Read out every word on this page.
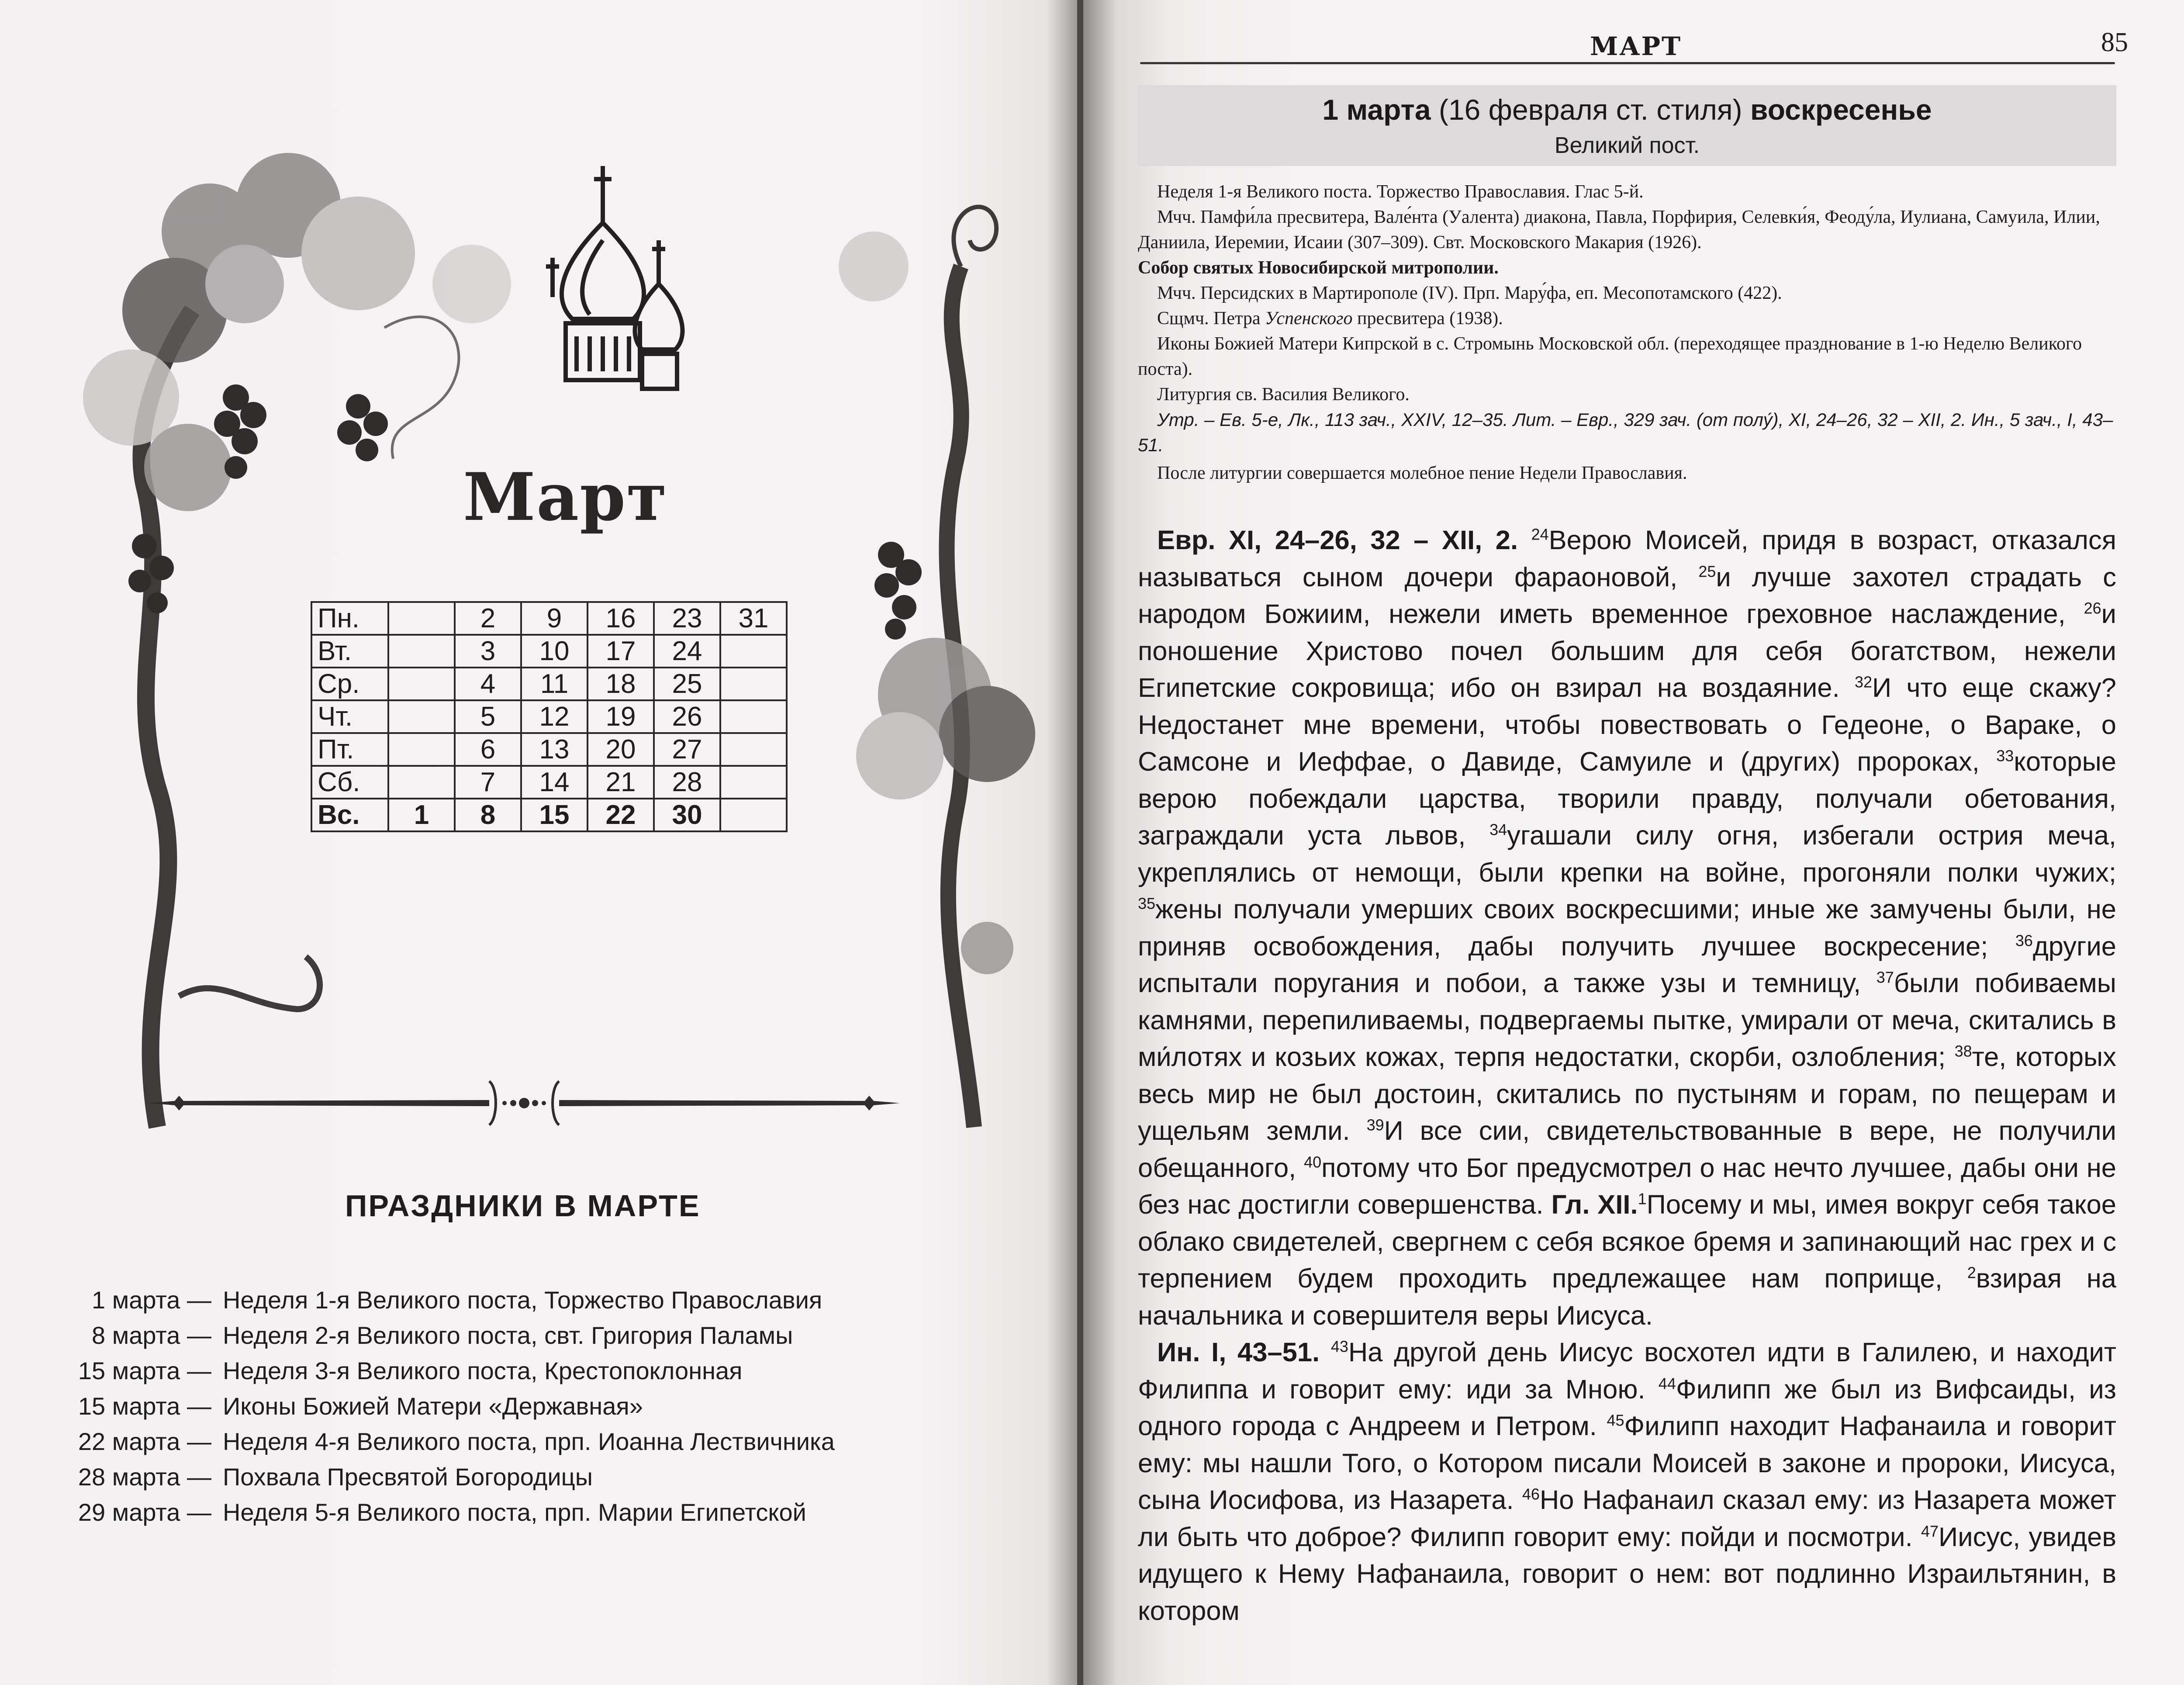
Март
Пн.		2	9	16	23	31
Вт.		3	10	17	24	
Ср.		4	11	18	25	
Чт.		5	12	19	26	
Пт.		6	13	20	27	
Сб.		7	14	21	28	
Вс.	1	8	15	22	30	
ПРАЗДНИКИ В МАРТЕ
1 марта — Неделя 1-я Великого поста, Торжество Православия
8 марта — Неделя 2-я Великого поста, свт. Григория Паламы
15 марта — Неделя 3-я Великого поста, Крестопоклонная
15 марта — Иконы Божией Матери «Державная»
22 марта — Неделя 4-я Великого поста, прп. Иоанна Лествичника
28 марта — Похвала Пресвятой Богородицы
29 марта — Неделя 5-я Великого поста, прп. Марии Египетской
МАРТ	85
1 марта (16 февраля ст. стиля) воскресенье
Великий пост.

Неделя 1-я Великого поста. Торжество Православия. Глас 5-й.

Мчч. Памфи́ла пресвитера, Вале́нта (Уалента) диакона, Павла, Порфирия, Селевки́я, Феоду́ла, Иулиана, Самуила, Илии, Даниила, Иеремии, Исаии (307–309). Свт. Московского Макария (1926).

Собор святых Новосибирской митрополии.

Мчч. Персидских в Мартирополе (IV). Прп. Мару́фа, еп. Месопотамского (422).

Сщмч. Петра Успенского пресвитера (1938).

Иконы Божией Матери Кипрской в с. Стромынь Московской обл. (переходящее празднование в 1-ю Неделю Великого поста).

Литургия св. Василия Великого.

Утр. – Ев. 5-е, Лк., 113 зач., XXIV, 12–35. Лит. – Евр., 329 зач. (от полу́), XI, 24–26, 32 – XII, 2. Ин., 5 зач., I, 43–51.

После литургии совершается молебное пение Недели Православия.

Евр. XI, 24–26, 32 – XII, 2. $^{24}$Верою Моисей, придя в возраст, отказался называться сыном дочери фараоновой, $^{25}$и лучше захотел страдать с народом Божиим, нежели иметь временное греховное наслаждение, $^{26}$и поношение Христово почел большим для себя богатством, нежели Египетские сокровища; ибо он взирал на воздаяние. $^{32}$И что еще скажу? Недостанет мне времени, чтобы повествовать о Гедеоне, о Вараке, о Самсоне и Иеффае, о Давиде, Самуиле и (других) пророках, $^{33}$которые верою побеждали царства, творили правду, получали обетования, заграждали уста львов, $^{34}$угашали силу огня, избегали острия меча, укреплялись от немощи, были крепки на войне, прогоняли полки чужих; $^{35}$жены получали умерших своих воскресшими; иные же замучены были, не приняв освобождения, дабы получить лучшее воскресение; $^{36}$другие испытали поругания и побои, а также узы и темницу, $^{37}$были побиваемы камнями, перепиливаемы, подвергаемы пытке, умирали от меча, скитались в ми́лотях и козьих кожах, терпя недостатки, скорби, озлобления; $^{38}$те, которых весь мир не был достоин, скитались по пустыням и горам, по пещерам и ущельям земли. $^{39}$И все сии, свидетельствованные в вере, не получили обещанного, $^{40}$потому что Бог предусмотрел о нас нечто лучшее, дабы они не без нас достигли совершенства. Гл. XII.$^1$Посему и мы, имея вокруг себя такое облако свидетелей, свергнем с себя всякое бремя и запинающий нас грех и с терпением будем проходить предлежащее нам поприще, $^2$взирая на начальника и совершителя веры Иисуса.

Ин. I, 43–51. $^{43}$На другой день Иисус восхотел идти в Галилею, и находит Филиппа и говорит ему: иди за Мною. $^{44}$Филипп же был из Вифсаиды, из одного города с Андреем и Петром. $^{45}$Филипп находит Нафанаила и говорит ему: мы нашли Того, о Котором писали Моисей в законе и пророки, Иисуса, сына Иосифова, из Назарета. $^{46}$Но Нафанаил сказал ему: из Назарета может ли быть что доброе? Филипп говорит ему: пойди и посмотри. $^{47}$Иисус, увидев идущего к Нему Нафанаила, говорит о нем: вот подлинно Израильтянин, в котором
